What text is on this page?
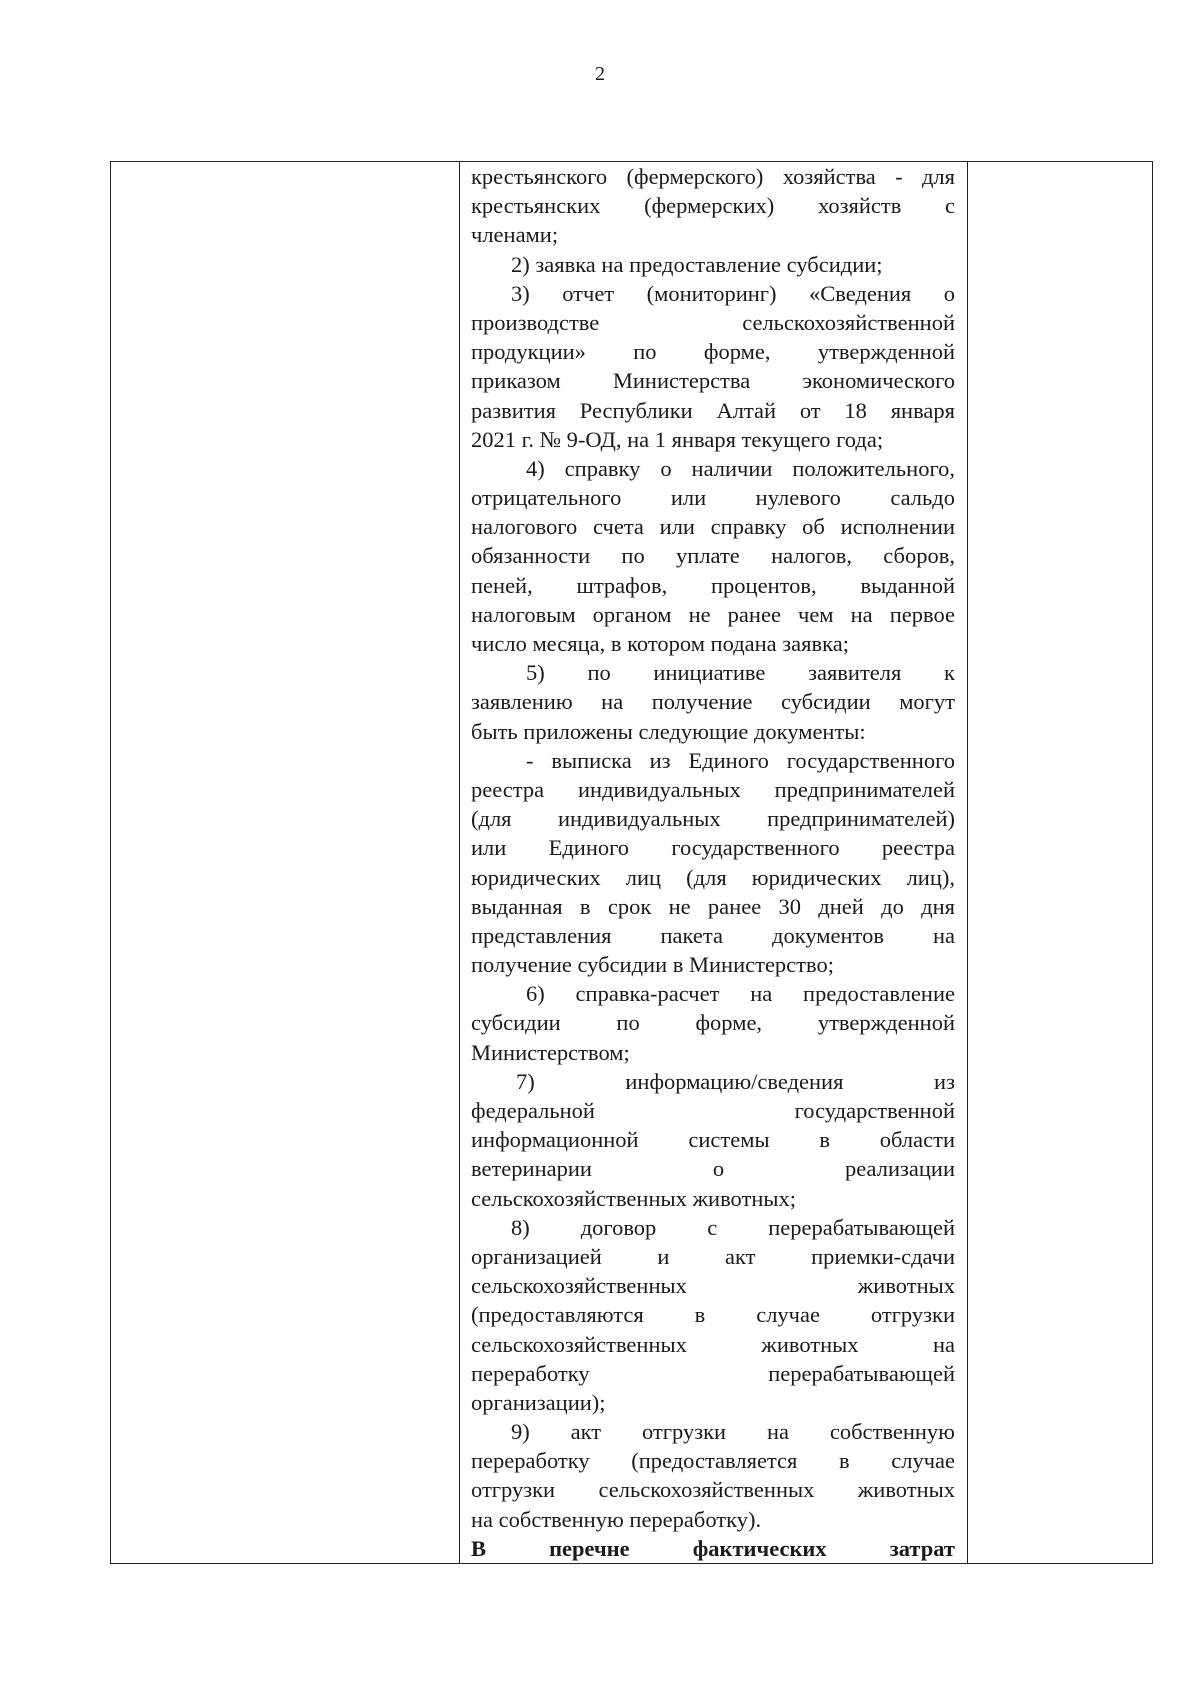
2
крестьянского (фермерского) хозяйства - для
крестьянских (фермерских) хозяйств с
членами;
2) заявка на предоставление субсидии;
3) отчет (мониторинг) «Сведения о
производстве сельскохозяйственной
продукции» по форме, утвержденной
приказом Министерства экономического
развития Республики Алтай от 18 января
2021 г. № 9-ОД, на 1 января текущего года;
4) справку о наличии положительного,
отрицательного или нулевого сальдо
налогового счета или справку об исполнении
обязанности по уплате налогов, сборов,
пеней, штрафов, процентов, выданной
налоговым органом не ранее чем на первое
число месяца, в котором подана заявка;
5) по инициативе заявителя к
заявлению на получение субсидии могут
быть приложены следующие документы:
- выписка из Единого государственного
реестра индивидуальных предпринимателей
(для индивидуальных предпринимателей)
или Единого государственного реестра
юридических лиц (для юридических лиц),
выданная в срок не ранее 30 дней до дня
представления пакета документов на
получение субсидии в Министерство;
6) справка-расчет на предоставление
субсидии по форме, утвержденной
Министерством;
7) информацию/сведения из
федеральной государственной
информационной системы в области
ветеринарии о реализации
сельскохозяйственных животных;
8) договор с перерабатывающей
организацией и акт приемки-сдачи
сельскохозяйственных животных
(предоставляются в случае отгрузки
сельскохозяйственных животных на
переработку перерабатывающей
организации);
9) акт отгрузки на собственную
переработку (предоставляется в случае
отгрузки сельскохозяйственных животных
на собственную переработку).
В перечне фактических затрат
